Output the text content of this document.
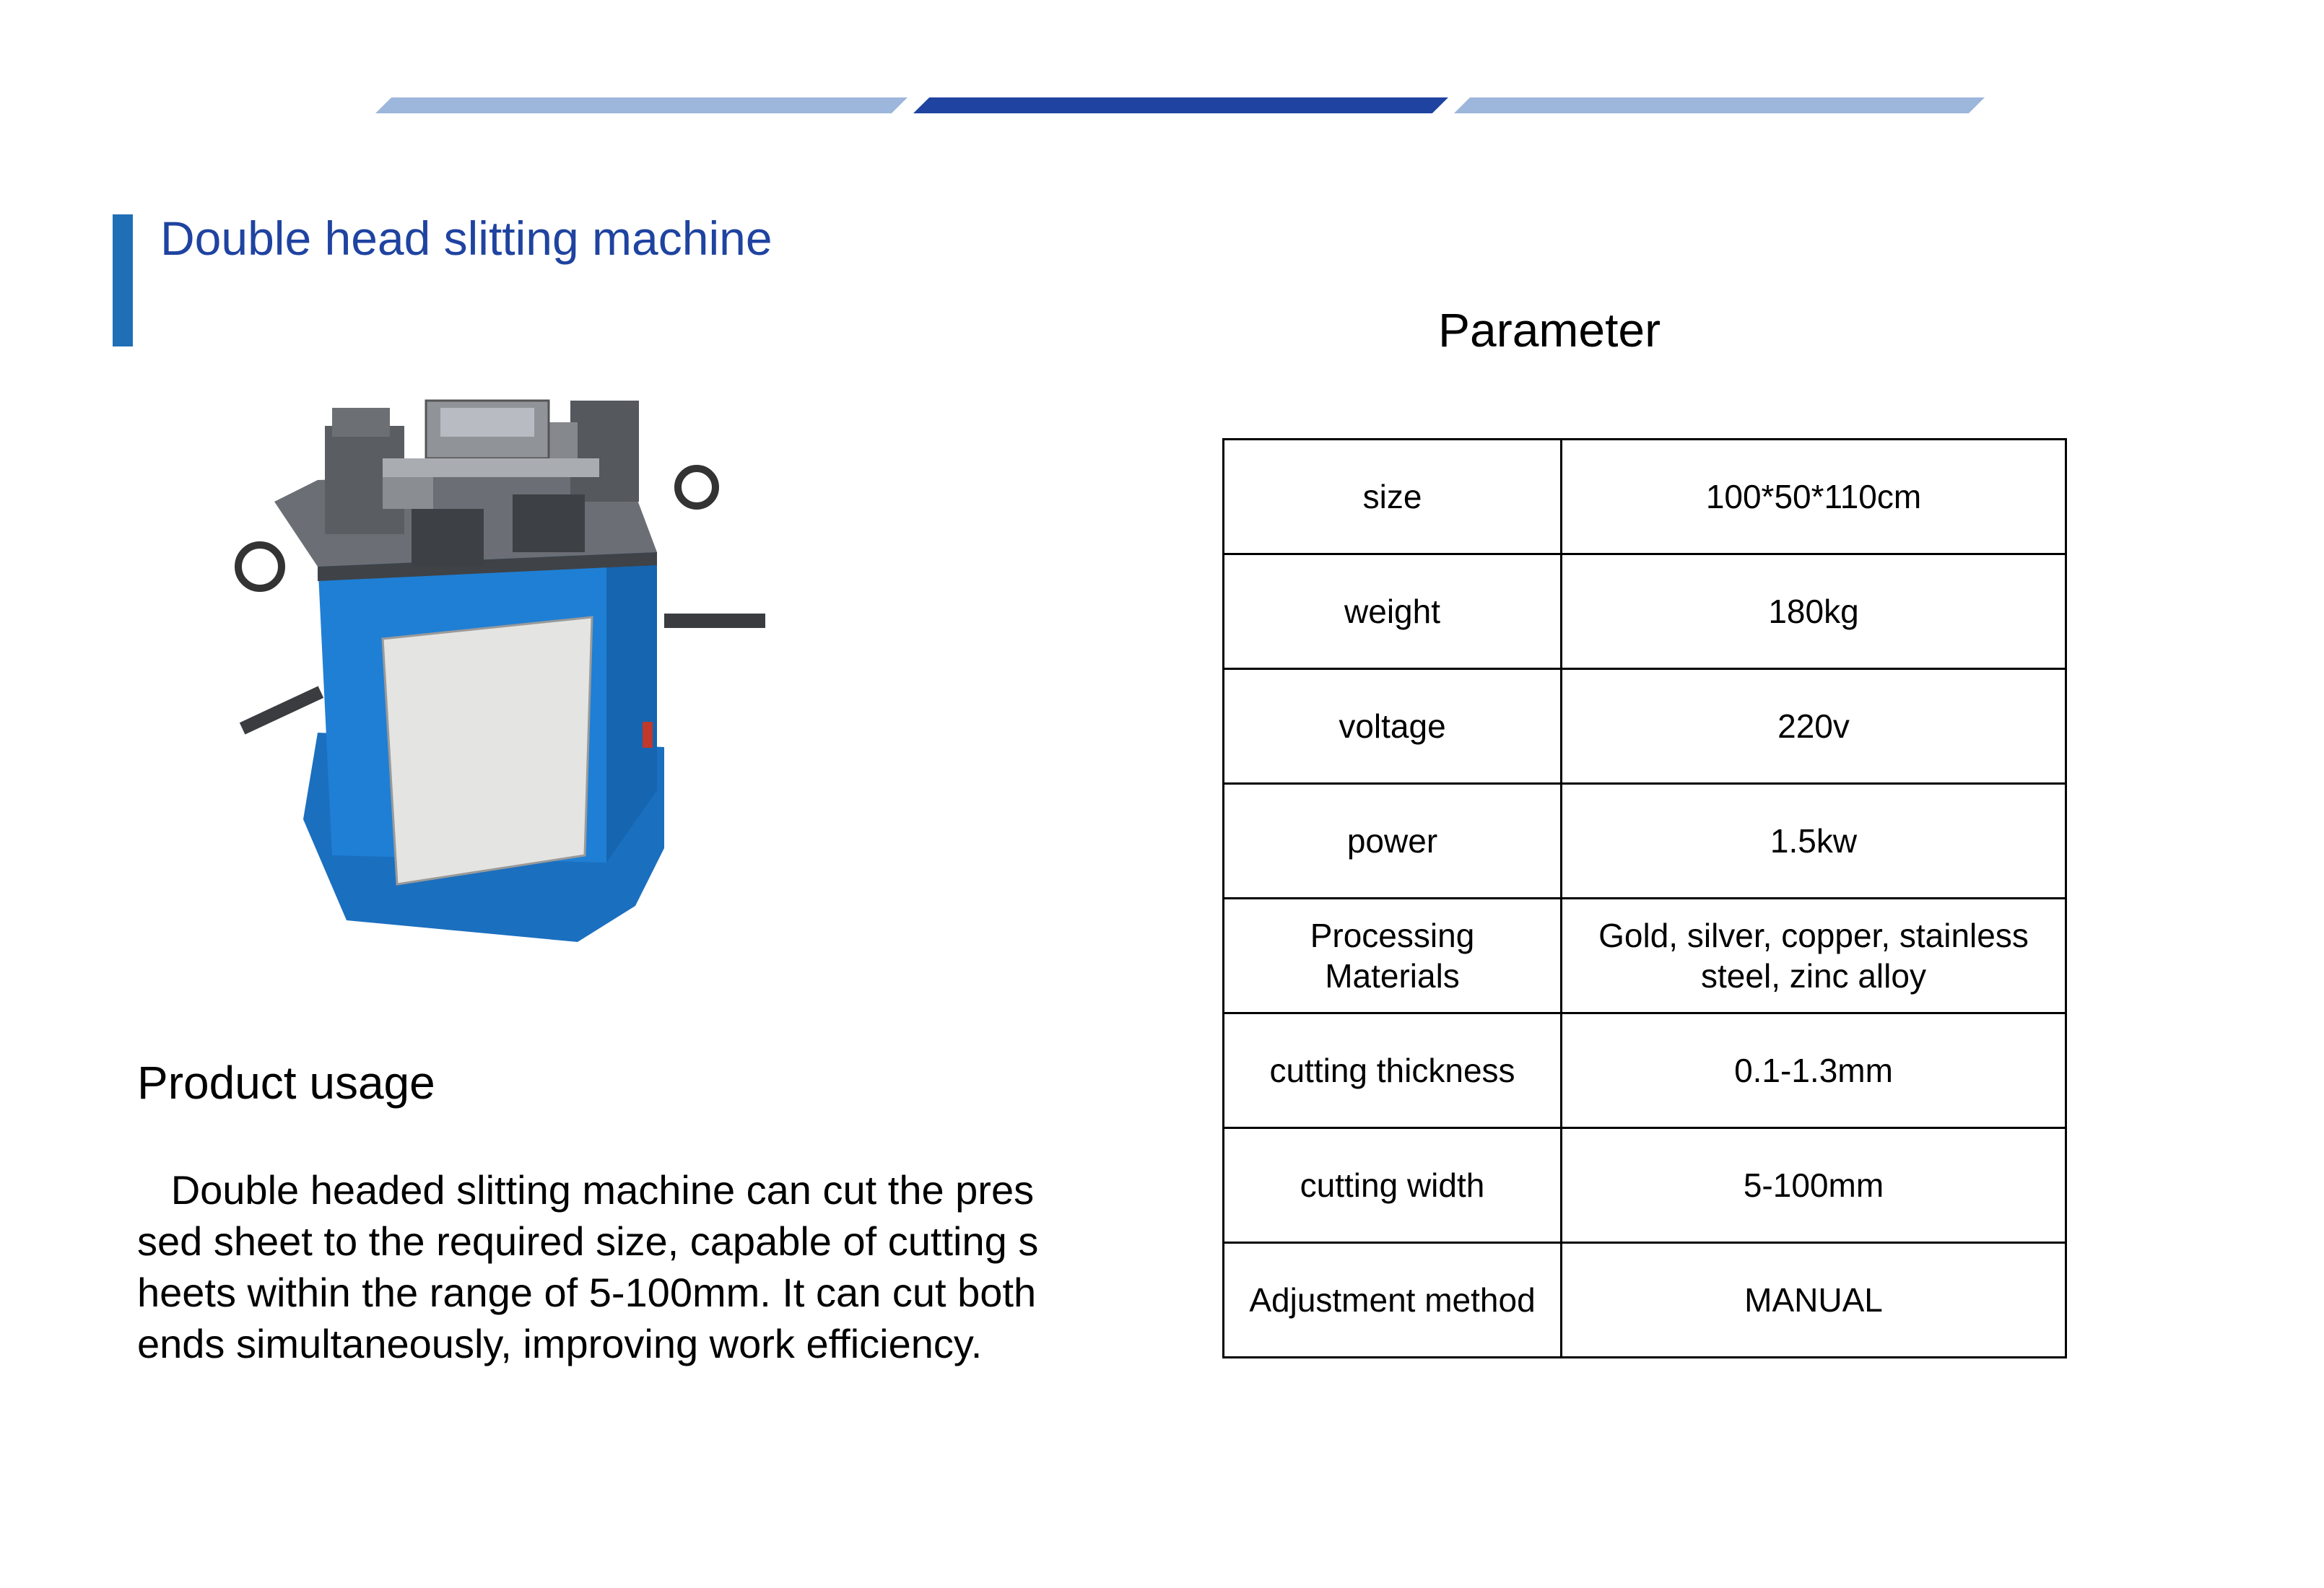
Double head slitting machine
Product usage
Double headed slitting machine can cut the pressed sheet to the required size, capable of cutting sheets within the range of 5-100mm. It can cut both ends simultaneously, improving work efficiency.
Parameter
size	100*50*110cm
weight	180kg
voltage	220v
power	1.5kw
Processing Materials	Gold, silver, copper, stainless steel, zinc alloy
cutting thickness	0.1-1.3mm
cutting width	5-100mm
Adjustment method	MANUAL
